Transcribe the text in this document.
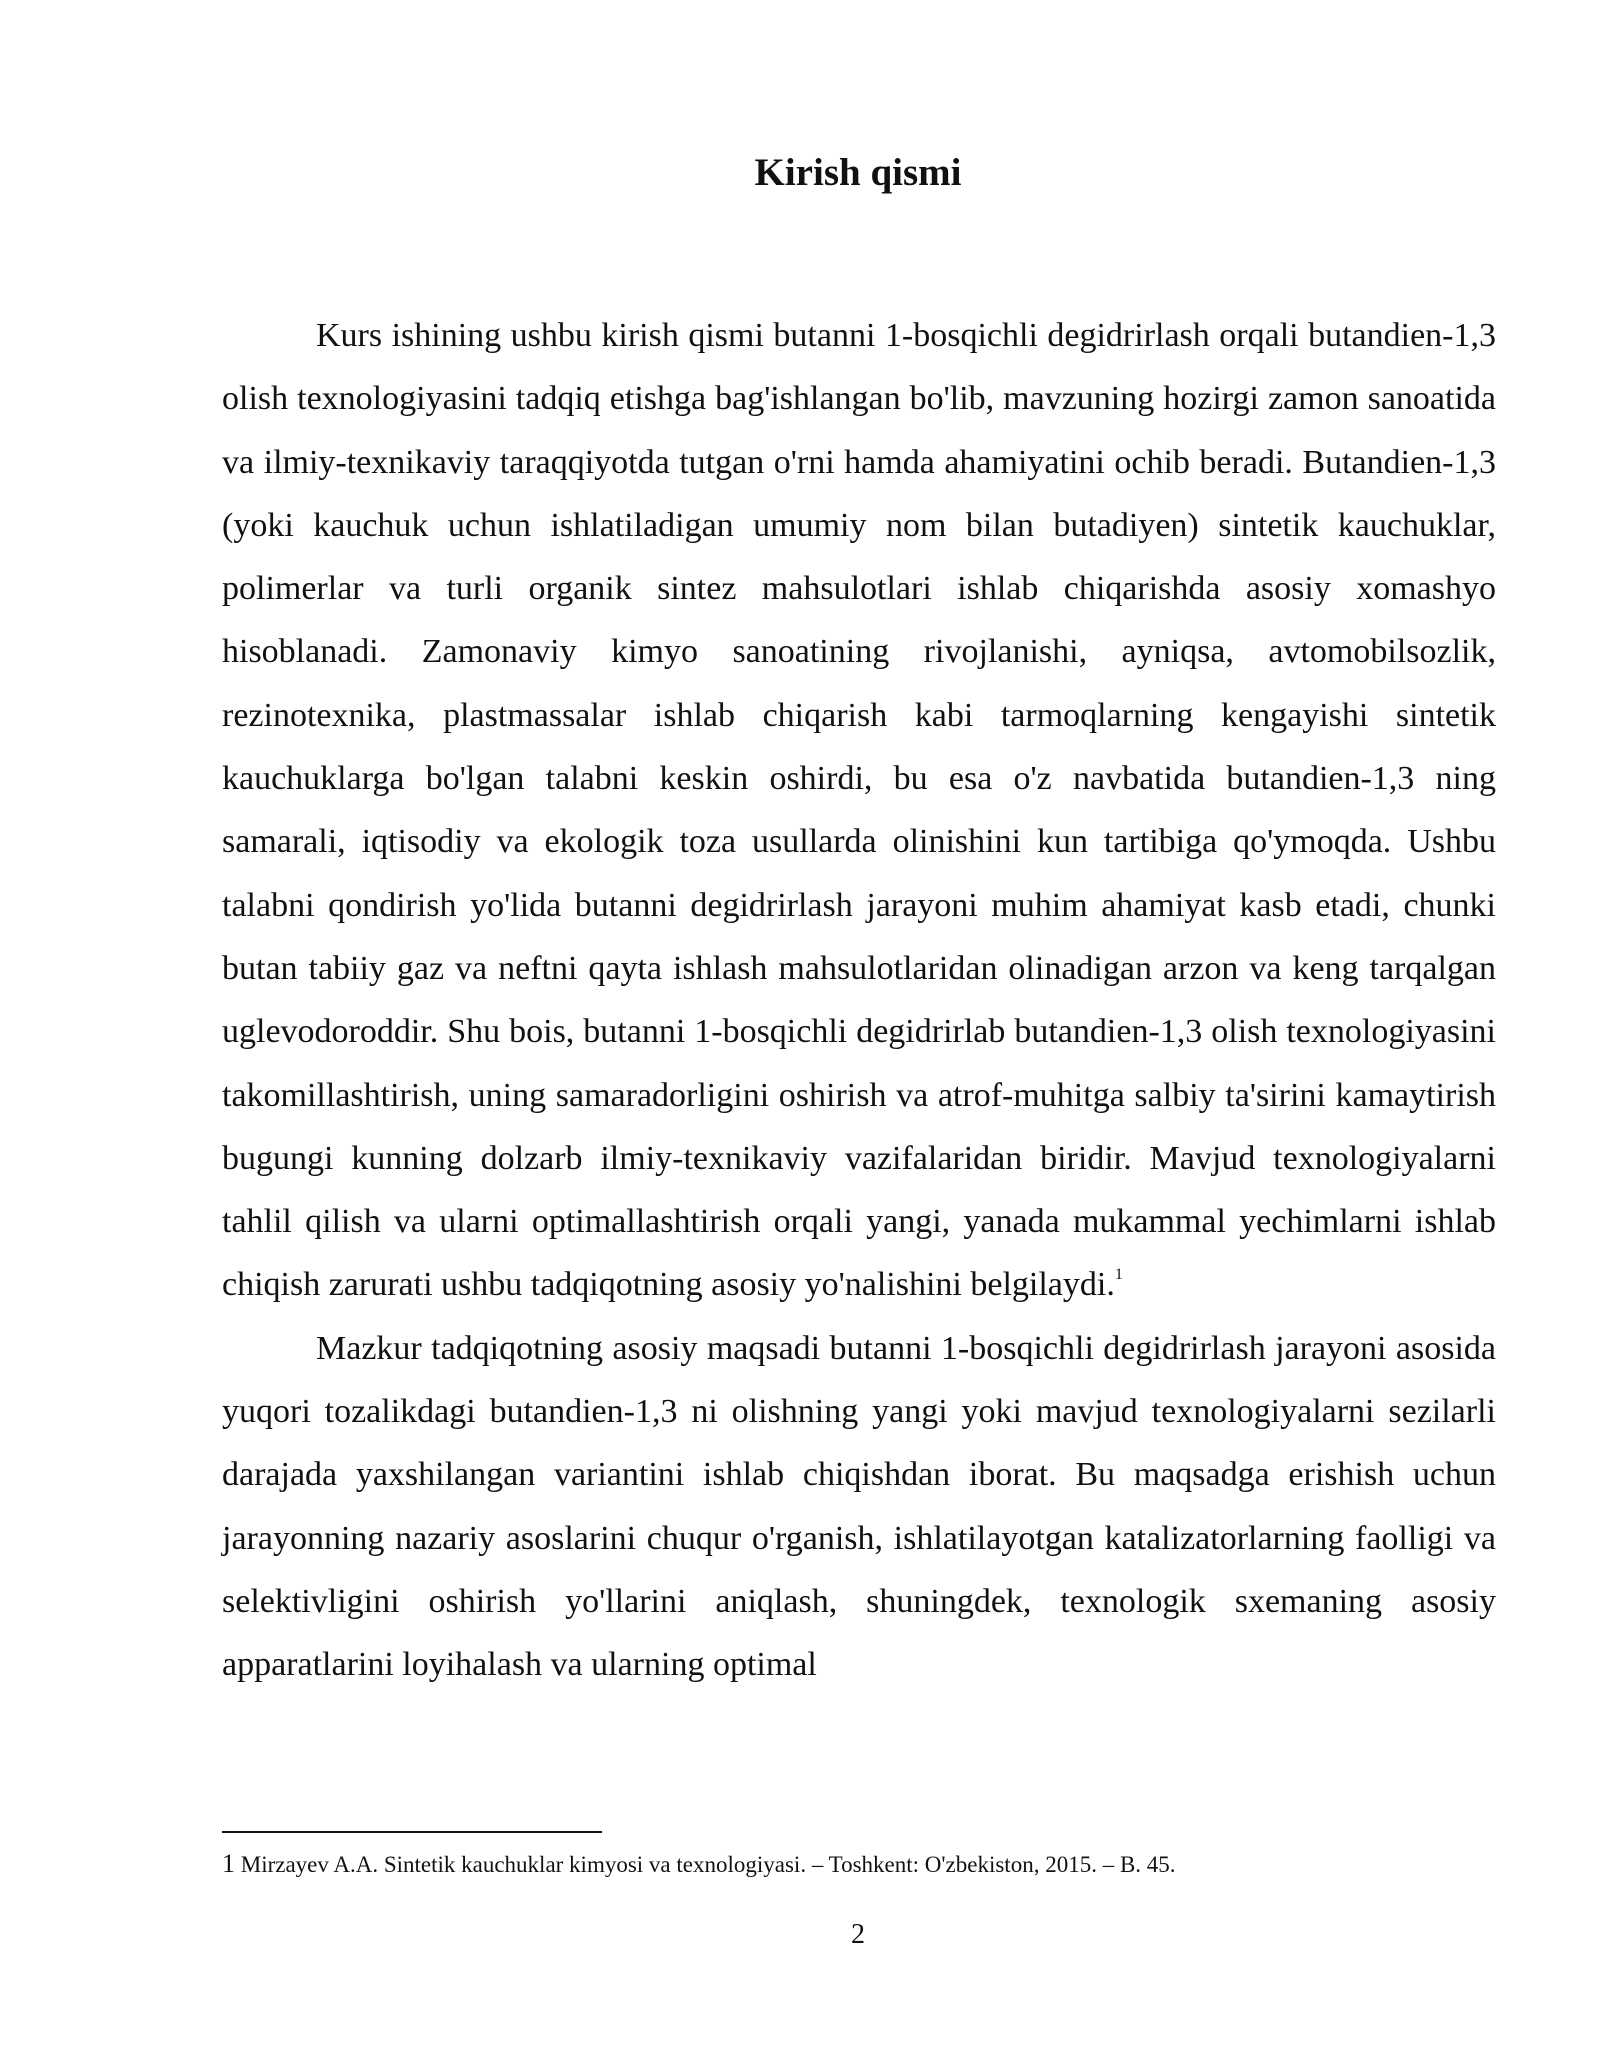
Kirish qismi

Kurs ishining ushbu kirish qismi butanni 1-bosqichli degidrirlash orqali butandien-1,3 olish texnologiyasini tadqiq etishga bag'ishlangan bo'lib, mavzuning hozirgi zamon sanoatida va ilmiy-texnikaviy taraqqiyotda tutgan o'rni hamda ahamiyatini ochib beradi. Butandien-1,3 (yoki kauchuk uchun ishlatiladigan umumiy nom bilan butadiyen) sintetik kauchuklar, polimerlar va turli organik sintez mahsulotlari ishlab chiqarishda asosiy xomashyo hisoblanadi. Zamonaviy kimyo sanoatining rivojlanishi, ayniqsa, avtomobilsozlik, rezinotexnika, plastmassalar ishlab chiqarish kabi tarmoqlarning kengayishi sintetik kauchuklarga bo'lgan talabni keskin oshirdi, bu esa o'z navbatida butandien-1,3 ning samarali, iqtisodiy va ekologik toza usullarda olinishini kun tartibiga qo'ymoqda. Ushbu talabni qondirish yo'lida butanni degidrirlash jarayoni muhim ahamiyat kasb etadi, chunki butan tabiiy gaz va neftni qayta ishlash mahsulotlaridan olinadigan arzon va keng tarqalgan uglevodoroddir. Shu bois, butanni 1-bosqichli degidrirlab butandien-1,3 olish texnologiyasini takomillashtirish, uning samaradorligini oshirish va atrof-muhitga salbiy ta'sirini kamaytirish bugungi kunning dolzarb ilmiy-texnikaviy vazifalaridan biridir. Mavjud texnologiyalarni tahlil qilish va ularni optimallashtirish orqali yangi, yanada mukammal yechimlarni ishlab chiqish zarurati ushbu tadqiqotning asosiy yo'nalishini belgilaydi.$^1$

Mazkur tadqiqotning asosiy maqsadi butanni 1-bosqichli degidrirlash jarayoni asosida yuqori tozalikdagi butandien-1,3 ni olishning yangi yoki mavjud texnologiyalarni sezilarli darajada yaxshilangan variantini ishlab chiqishdan iborat. Bu maqsadga erishish uchun jarayonning nazariy asoslarini chuqur o'rganish, ishlatilayotgan katalizatorlarning faolligi va selektivligini oshirish yo'llarini aniqlash, shuningdek, texnologik sxemaning asosiy apparatlarini loyihalash va ularning optimal

1 Mirzayev A.A. Sintetik kauchuklar kimyosi va texnologiyasi. – Toshkent: O'zbekiston, 2015. – B. 45.
2
